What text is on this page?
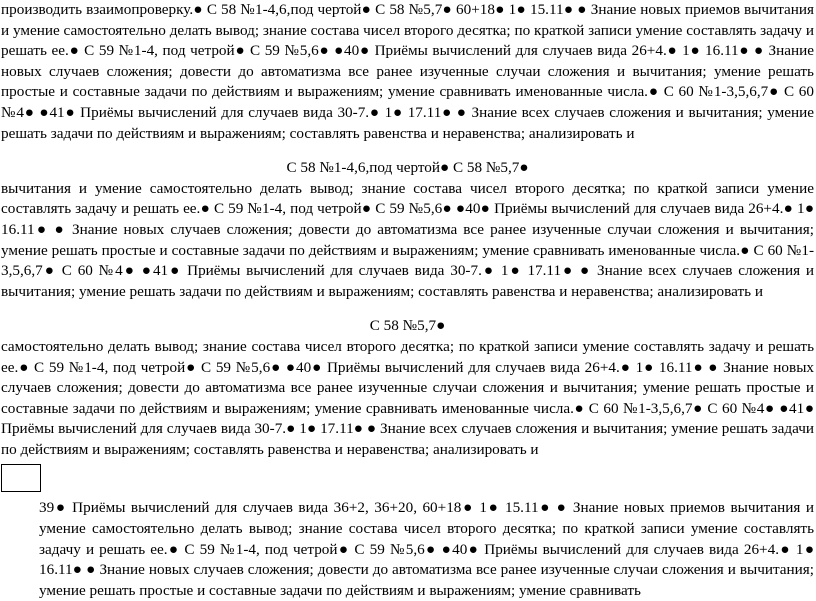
производить взаимопроверку.● С 58 №1-4,6,под чертой● С 58 №5,7● 60+18● 1● 15.11● ● Знание новых приемов вычитания и умение самостоятельно делать вывод; знание состава чисел второго десятка; по краткой записи умение составлять задачу и решать ее.● С 59 №1-4, под четрой● С 59 №5,6● ●40● Приёмы вычислений для случаев вида 26+4.● 1● 16.11● ● Знание новых случаев сложения; довести до автоматизма все ранее изученные случаи сложения и вычитания; умение решать простые и составные задачи по действиям и выражениям; умение сравнивать именованные числа.● С 60 №1-3,5,6,7● С 60 №4● ●41● Приёмы вычислений для случаев вида 30-7.● 1● 17.11● ● Знание всех случаев сложения и вычитания; умение решать задачи по действиям и выражениям; составлять равенства и неравенства; анализировать и

С 58 №1-4,6,под чертой● С 58 №5,7●

вычитания и умение самостоятельно делать вывод; знание состава чисел второго десятка; по краткой записи умение составлять задачу и решать ее.● С 59 №1-4, под четрой● С 59 №5,6● ●40● Приёмы вычислений для случаев вида 26+4.● 1● 16.11● ● Знание новых случаев сложения; довести до автоматизма все ранее изученные случаи сложения и вычитания; умение решать простые и составные задачи по действиям и выражениям; умение сравнивать именованные числа.● С 60 №1-3,5,6,7● С 60 №4● ●41● Приёмы вычислений для случаев вида 30-7.● 1● 17.11● ● Знание всех случаев сложения и вычитания; умение решать задачи по действиям и выражениям; составлять равенства и неравенства; анализировать и

С 58 №5,7●

самостоятельно делать вывод; знание состава чисел второго десятка; по краткой записи умение составлять задачу и решать ее.● С 59 №1-4, под четрой● С 59 №5,6● ●40● Приёмы вычислений для случаев вида 26+4.● 1● 16.11● ● Знание новых случаев сложения; довести до автоматизма все ранее изученные случаи сложения и вычитания; умение решать простые и составные задачи по действиям и выражениям; умение сравнивать именованные числа.● С 60 №1-3,5,6,7● С 60 №4● ●41● Приёмы вычислений для случаев вида 30-7.● 1● 17.11● ● Знание всех случаев сложения и вычитания; умение решать задачи по действиям и выражениям; составлять равенства и неравенства; анализировать и

39● Приёмы вычислений для случаев вида 36+2, 36+20, 60+18● 1● 15.11● ● Знание новых приемов вычитания и умение самостоятельно делать вывод; знание состава чисел второго десятка; по краткой записи умение составлять задачу и решать ее.● С 59 №1-4, под четрой● С 59 №5,6● ●40● Приёмы вычислений для случаев вида 26+4.● 1● 16.11● ● Знание новых случаев сложения; довести до автоматизма все ранее изученные случаи сложения и вычитания; умение решать простые и составные задачи по действиям и выражениям; умение сравнивать
